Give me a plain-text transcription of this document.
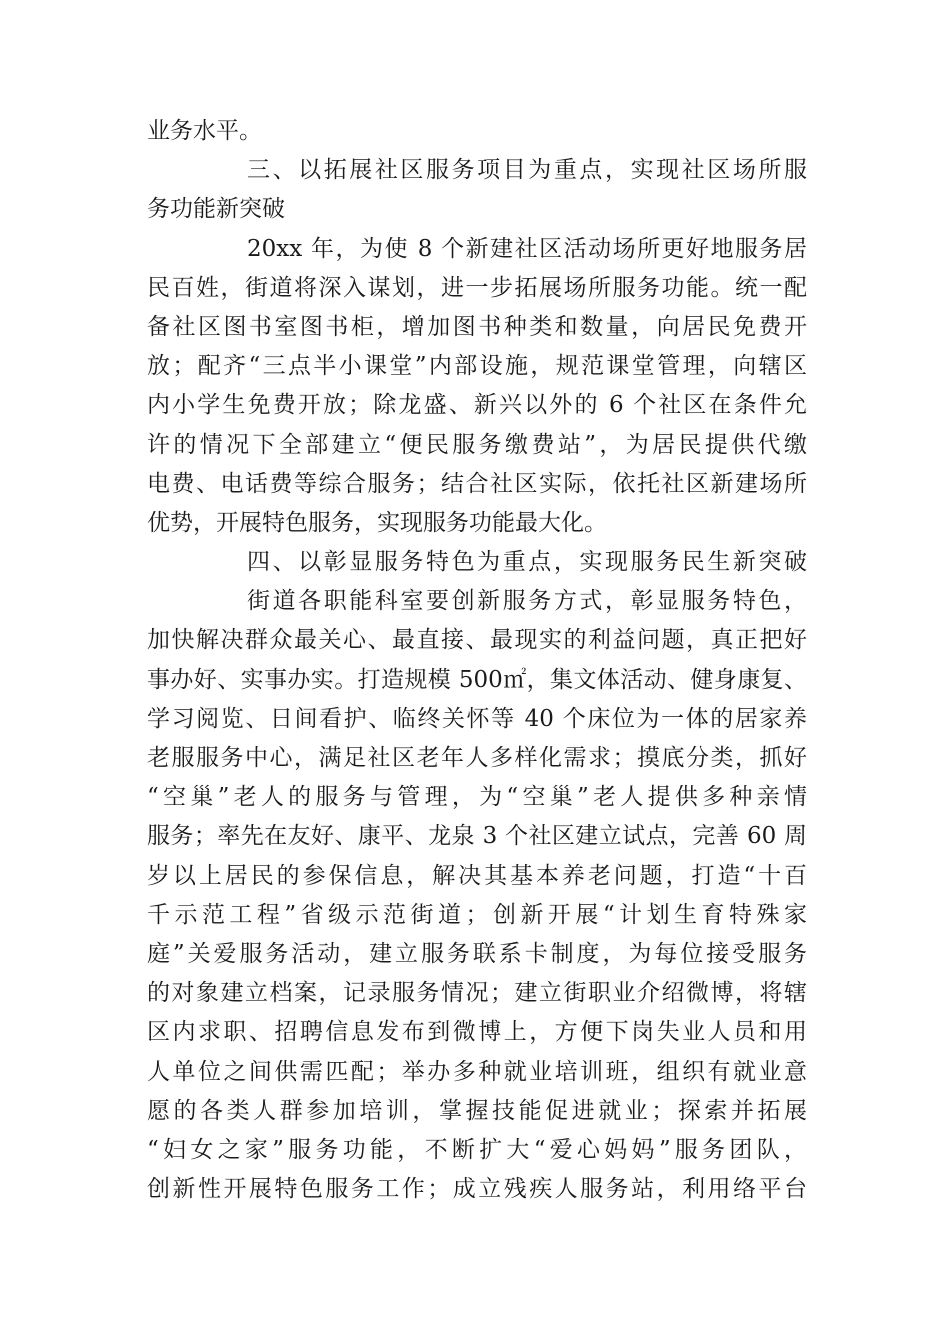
业务水平。
三、以拓展社区服务项目为重点，实现社区场所服
务功能新突破
20xx 年，为使 8 个新建社区活动场所更好地服务居
民百姓，街道将深入谋划，进一步拓展场所服务功能。统一配
备社区图书室图书柜，增加图书种类和数量，向居民免费开
放；配齐“三点半小课堂”内部设施，规范课堂管理，向辖区
内小学生免费开放；除龙盛、新兴以外的 6 个社区在条件允
许的情况下全部建立“便民服务缴费站”，为居民提供代缴
电费、电话费等综合服务；结合社区实际，依托社区新建场所
优势，开展特色服务，实现服务功能最大化。
四、以彰显服务特色为重点，实现服务民生新突破
街道各职能科室要创新服务方式，彰显服务特色，
加快解决群众最关心、最直接、最现实的利益问题，真正把好
事办好、实事办实。打造规模 500㎡，集文体活动、健身康复、
学习阅览、日间看护、临终关怀等 40 个床位为一体的居家养
老服服务中心，满足社区老年人多样化需求；摸底分类，抓好
“空巢”老人的服务与管理，为“空巢”老人提供多种亲情
服务；率先在友好、康平、龙泉 3 个社区建立试点，完善 60 周
岁以上居民的参保信息，解决其基本养老问题，打造“十百
千示范工程”省级示范街道；创新开展“计划生育特殊家
庭”关爱服务活动，建立服务联系卡制度，为每位接受服务
的对象建立档案，记录服务情况；建立街职业介绍微博，将辖
区内求职、招聘信息发布到微博上，方便下岗失业人员和用
人单位之间供需匹配；举办多种就业培训班，组织有就业意
愿的各类人群参加培训，掌握技能促进就业；探索并拓展
“妇女之家”服务功能，不断扩大“爱心妈妈”服务团队，
创新性开展特色服务工作；成立残疾人服务站，利用络平台
